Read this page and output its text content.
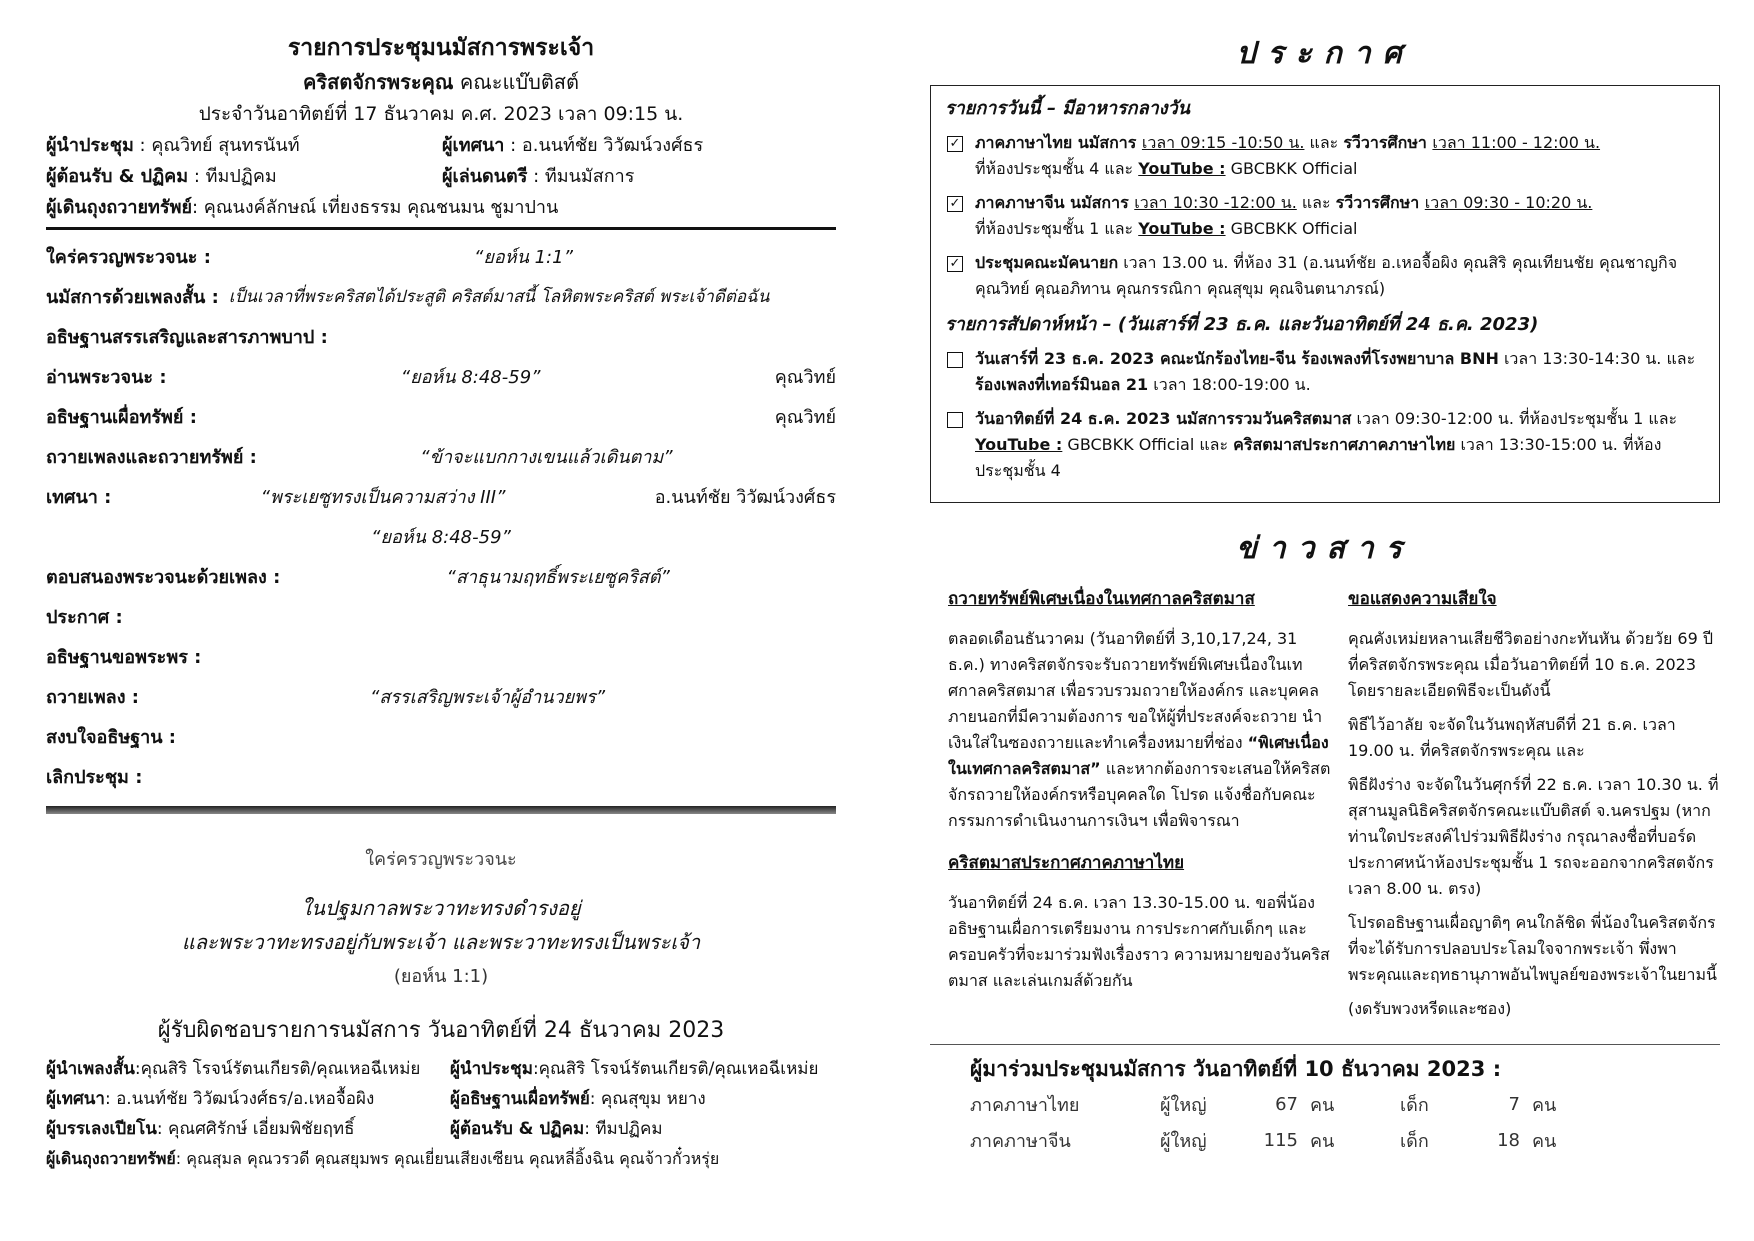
รายการประชุมนมัสการพระเจ้า
คริสตจักรพระคุณ คณะแบ๊บติสต์
ประจำวันอาทิตย์ที่ 17 ธันวาคม ค.ศ. 2023 เวลา 09:15 น.
ผู้นำประชุม : คุณวิทย์ สุนทรนันท์	ผู้เทศนา : อ.นนท์ชัย วิวัฒน์วงศ์ธร
ผู้ต้อนรับ & ปฏิคม : ทีมปฏิคม	ผู้เล่นดนตรี : ทีมนมัสการ
ผู้เดินถุงถวายทรัพย์: คุณนงค์ลักษณ์ เที่ยงธรรม คุณชนมน ชูมาปาน
ใคร่ครวญพระวจนะ :	“ยอห์น 1:1”
นมัสการด้วยเพลงสั้น : เป็นเวลาที่พระคริสตได้ประสูติ คริสต์มาสนี้ โลหิตพระคริสต์ พระเจ้าดีต่อฉัน
อธิษฐานสรรเสริญและสารภาพบาป :
อ่านพระวจนะ :	“ยอห์น 8:48-59”	คุณวิทย์
อธิษฐานเผื่อทรัพย์ :	คุณวิทย์
ถวายเพลงและถวายทรัพย์ :	“ข้าจะแบกกางเขนแล้วเดินตาม”
เทศนา :	“พระเยซูทรงเป็นความสว่าง III”	อ.นนท์ชัย วิวัฒน์วงศ์ธร
“ยอห์น 8:48-59”
ตอบสนองพระวจนะด้วยเพลง :	“สาธุนามฤทธิ์พระเยซูคริสต์”
ประกาศ :
อธิษฐานขอพระพร :
ถวายเพลง :	“สรรเสริญพระเจ้าผู้อำนวยพร”
สงบใจอธิษฐาน :
เลิกประชุม :
ใคร่ครวญพระวจนะ
ในปฐมกาลพระวาทะทรงดำรงอยู่
และพระวาทะทรงอยู่กับพระเจ้า และพระวาทะทรงเป็นพระเจ้า
(ยอห์น 1:1)
ผู้รับผิดชอบรายการนมัสการ วันอาทิตย์ที่ 24 ธันวาคม 2023
ผู้นำเพลงสั้น:คุณสิริ โรจน์รัตนเกียรติ/คุณเหอฉีเหม่ย	ผู้นำประชุม:คุณสิริ โรจน์รัตนเกียรติ/คุณเหอฉีเหม่ย
ผู้เทศนา: อ.นนท์ชัย วิวัฒน์วงศ์ธร/อ.เหอจื้อผิง	ผู้อธิษฐานเผื่อทรัพย์: คุณสุขุม หยาง
ผู้บรรเลงเปียโน: คุณศศิรักษ์ เอี่ยมพิชัยฤทธิ์	ผู้ต้อนรับ & ปฏิคม: ทีมปฏิคม
ผู้เดินถุงถวายทรัพย์: คุณสุมล คุณวรวดี คุณสยุมพร คุณเยี่ยนเสียงเซียน คุณหลี่อิ้งฉิน คุณจ้าวกั๋วหรุ่ย
ประกาศ
รายการวันนี้ – มีอาหารกลางวัน
✓ ภาคภาษาไทย นมัสการ เวลา 09:15 -10:50 น. และ รวีวารศึกษา เวลา 11:00 - 12:00 น.
ที่ห้องประชุมชั้น 4 และ YouTube : GBCBKK Official
✓ ภาคภาษาจีน นมัสการ เวลา 10:30 -12:00 น. และ รวีวารศึกษา เวลา 09:30 - 10:20 น.
ที่ห้องประชุมชั้น 1 และ YouTube : GBCBKK Official
✓ ประชุมคณะมัคนายก เวลา 13.00 น. ที่ห้อง 31 (อ.นนท์ชัย อ.เหอจื้อผิง คุณสิริ คุณเทียนชัย คุณชาญกิจ คุณวิทย์ คุณอภิทาน คุณกรรณิกา คุณสุขุม คุณจินตนาภรณ์)
รายการสัปดาห์หน้า – (วันเสาร์ที่ 23 ธ.ค. และวันอาทิตย์ที่ 24 ธ.ค. 2023)
วันเสาร์ที่ 23 ธ.ค. 2023 คณะนักร้องไทย-จีน ร้องเพลงที่โรงพยาบาล BNH เวลา 13:30-14:30 น. และ ร้องเพลงที่เทอร์มินอล 21 เวลา 18:00-19:00 น.
วันอาทิตย์ที่ 24 ธ.ค. 2023 นมัสการรวมวันคริสตมาส เวลา 09:30-12:00 น. ที่ห้องประชุมชั้น 1 และ YouTube : GBCBKK Official และ คริสตมาสประกาศภาคภาษาไทย เวลา 13:30-15:00 น. ที่ห้องประชุมชั้น 4
ข่าวสาร
ถวายทรัพย์พิเศษเนื่องในเทศกาลคริสตมาส

ตลอดเดือนธันวาคม (วันอาทิตย์ที่ 3,10,17,24, 31 ธ.ค.) ทางคริสตจักรจะรับถวายทรัพย์พิเศษเนื่องในเทศกาลคริสตมาส เพื่อรวบรวมถวายให้องค์กร และบุคคลภายนอกที่มีความต้องการ ขอให้ผู้ที่ประสงค์จะถวาย นำเงินใส่ในซองถวายและทำเครื่องหมายที่ช่อง “พิเศษเนื่องในเทศกาลคริสตมาส” และหากต้องการจะเสนอให้คริสตจักรถวายให้องค์กรหรือบุคคลใด โปรด แจ้งชื่อกับคณะกรรมการดำเนินงานการเงินฯ เพื่อพิจารณา

คริสตมาสประกาศภาคภาษาไทย

วันอาทิตย์ที่ 24 ธ.ค. เวลา 13.30-15.00 น. ขอพี่น้องอธิษฐานเผื่อการเตรียมงาน การประกาศกับเด็กๆ และครอบครัวที่จะมาร่วมฟังเรื่องราว ความหมายของวันคริสตมาส และเล่นเกมส์ด้วยกัน

ขอแสดงความเสียใจ

คุณคังเหม่ยหลานเสียชีวิตอย่างกะทันหัน ด้วยวัย 69 ปี ที่คริสตจักรพระคุณ เมื่อวันอาทิตย์ที่ 10 ธ.ค. 2023 โดยรายละเอียดพิธีจะเป็นดังนี้

พิธีไว้อาลัย จะจัดในวันพฤหัสบดีที่ 21 ธ.ค. เวลา 19.00 น. ที่คริสตจักรพระคุณ และ

พิธีฝังร่าง จะจัดในวันศุกร์ที่ 22 ธ.ค. เวลา 10.30 น. ที่สุสานมูลนิธิคริสตจักรคณะแบ๊บติสต์ จ.นครปฐม (หากท่านใดประสงค์ไปร่วมพิธีฝังร่าง กรุณาลงชื่อที่บอร์ดประกาศหน้าห้องประชุมชั้น 1 รถจะออกจากคริสตจักร เวลา 8.00 น. ตรง)

โปรดอธิษฐานเผื่อญาติๆ คนใกล้ชิด พี่น้องในคริสตจักร ที่จะได้รับการปลอบประโลมใจจากพระเจ้า พึ่งพาพระคุณและฤทธานุภาพอันไพบูลย์ของพระเจ้าในยามนี้

(งดรับพวงหรีดและซอง)

ผู้มาร่วมประชุมนมัสการ วันอาทิตย์ที่ 10 ธันวาคม 2023 :
ภาคภาษาไทย	ผู้ใหญ่	67 คน	เด็ก	7 คน
ภาคภาษาจีน	ผู้ใหญ่	115 คน	เด็ก	18 คน
